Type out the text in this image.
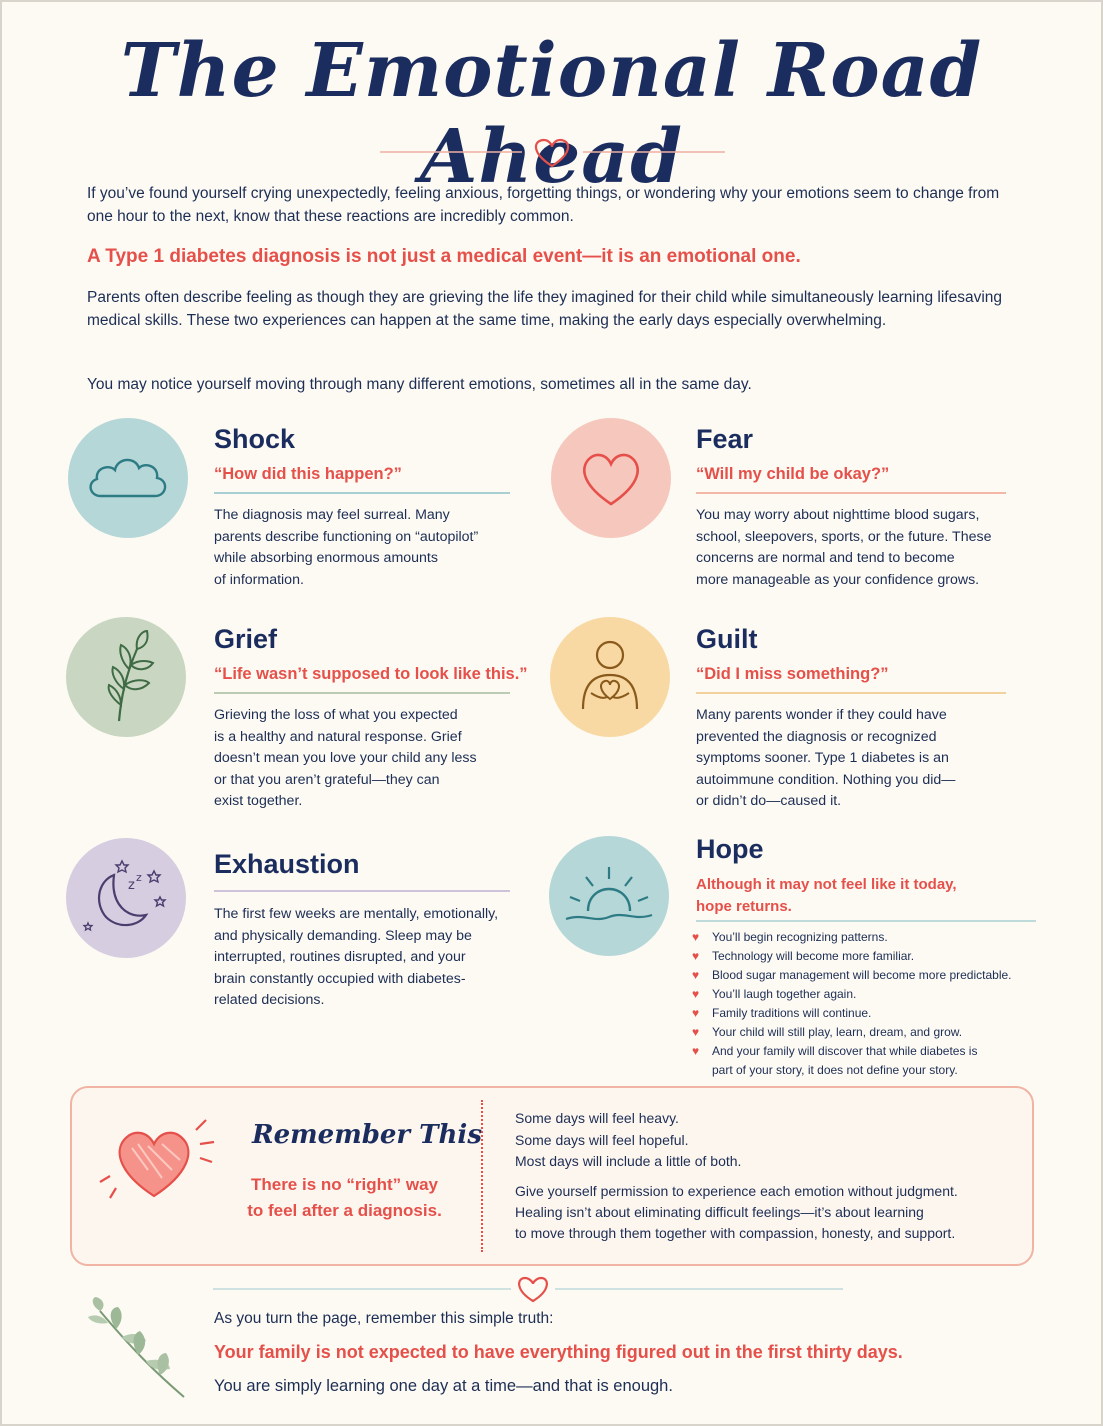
The Emotional Road Ahead

If you’ve found yourself crying unexpectedly, feeling anxious, forgetting things, or wondering why your emotions seem to change from one hour to the next, know that these reactions are incredibly common.

A Type 1 diabetes diagnosis is not just a medical event—it is an emotional one.

Parents often describe feeling as though they are grieving the life they imagined for their child while simultaneously learning lifesaving medical skills. These two experiences can happen at the same time, making the early days especially overwhelming.

You may notice yourself moving through many different emotions, sometimes all in the same day.

Shock
“How did this happen?”
The diagnosis may feel surreal. Many
parents describe functioning on “autopilot”
while absorbing enormous amounts
of information.
Fear
“Will my child be okay?”
You may worry about nighttime blood sugars,
school, sleepovers, sports, or the future. These
concerns are normal and tend to become
more manageable as your confidence grows.
Grief
“Life wasn’t supposed to look like this.”
Grieving the loss of what you expected
is a healthy and natural response. Grief
doesn’t mean you love your child any less
or that you aren’t grateful—they can
exist together.
Guilt
“Did I miss something?”
Many parents wonder if they could have
prevented the diagnosis or recognized
symptoms sooner. Type 1 diabetes is an
autoimmune condition. Nothing you did—
or didn’t do—caused it.
z
z	Exhaustion
The first few weeks are mentally, emotionally,
and physically demanding. Sleep may be
interrupted, routines disrupted, and your
brain constantly occupied with diabetes-
related decisions.
Hope
Although it may not feel like it today,
hope returns.
♥ You’ll begin recognizing patterns.
♥ Technology will become more familiar.
♥ Blood sugar management will become more predictable.
♥ You’ll laugh together again.
♥ Family traditions will continue.
♥ Your child will still play, learn, dream, and grow.
♥ And your family will discover that while diabetes is
part of your story, it does not define your story.
Remember This
There is no “right” way
to feel after a diagnosis.
Some days will feel heavy.
Some days will feel hopeful.
Most days will include a little of both.
Give yourself permission to experience each emotion without judgment.
Healing isn’t about eliminating difficult feelings—it’s about learning
to move through them together with compassion, honesty, and support.
As you turn the page, remember this simple truth:
Your family is not expected to have everything figured out in the first thirty days.
You are simply learning one day at a time—and that is enough.
